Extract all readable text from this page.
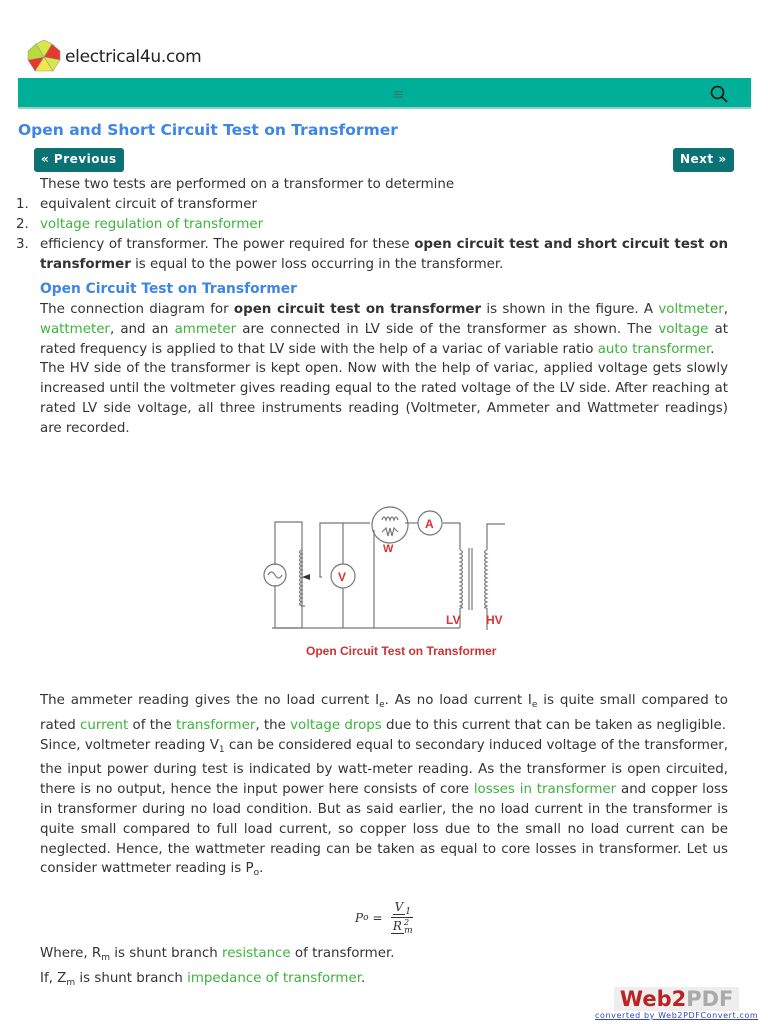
electrical4u.com
≡
Open and Short Circuit Test on Transformer
« Previous	Next »
These two tests are performed on a transformer to determine
1. equivalent circuit of transformer
2. voltage regulation of transformer
3. efficiency of transformer. The power required for these open circuit test and short circuit test on transformer is equal to the power loss occurring in the transformer.
Open Circuit Test on Transformer
The connection diagram for open circuit test on transformer is shown in the figure. A voltmeter, wattmeter, and an ammeter are connected in LV side of the transformer as shown. The voltage at rated frequency is applied to that LV side with the help of a variac of variable ratio auto transformer.
The HV side of the transformer is kept open. Now with the help of variac, applied voltage gets slowly increased until the voltmeter gives reading equal to the rated voltage of the LV side. After reaching at rated LV side voltage, all three instruments reading (Voltmeter, Ammeter and Wattmeter readings) are recorded.
W
A
V
LV HV
Open Circuit Test on Transformer
The ammeter reading gives the no load current $I_e$. As no load current $I_e$ is quite small compared to rated current of the transformer, the voltage drops due to this current that can be taken as negligible.
Since, voltmeter reading $V_1$ can be considered equal to secondary induced voltage of the transformer, the input power during test is indicated by watt-meter reading. As the transformer is open circuited, there is no output, hence the input power here consists of core losses in transformer and copper loss in transformer during no load condition. But as said earlier, the no load current in the transformer is quite small compared to full load current, so copper loss due to the small no load current can be neglected. Hence, the wattmeter reading can be taken as equal to core losses in transformer. Let us consider wattmeter reading is $P_o$.
P $o = \frac{V _1}{R ^2_m}$
Where, $R_m$ is shunt branch resistance of transformer.
If, $Z_m$ is shunt branch impedance of transformer.
Web2PDF
converted by Web2PDFConvert.com
